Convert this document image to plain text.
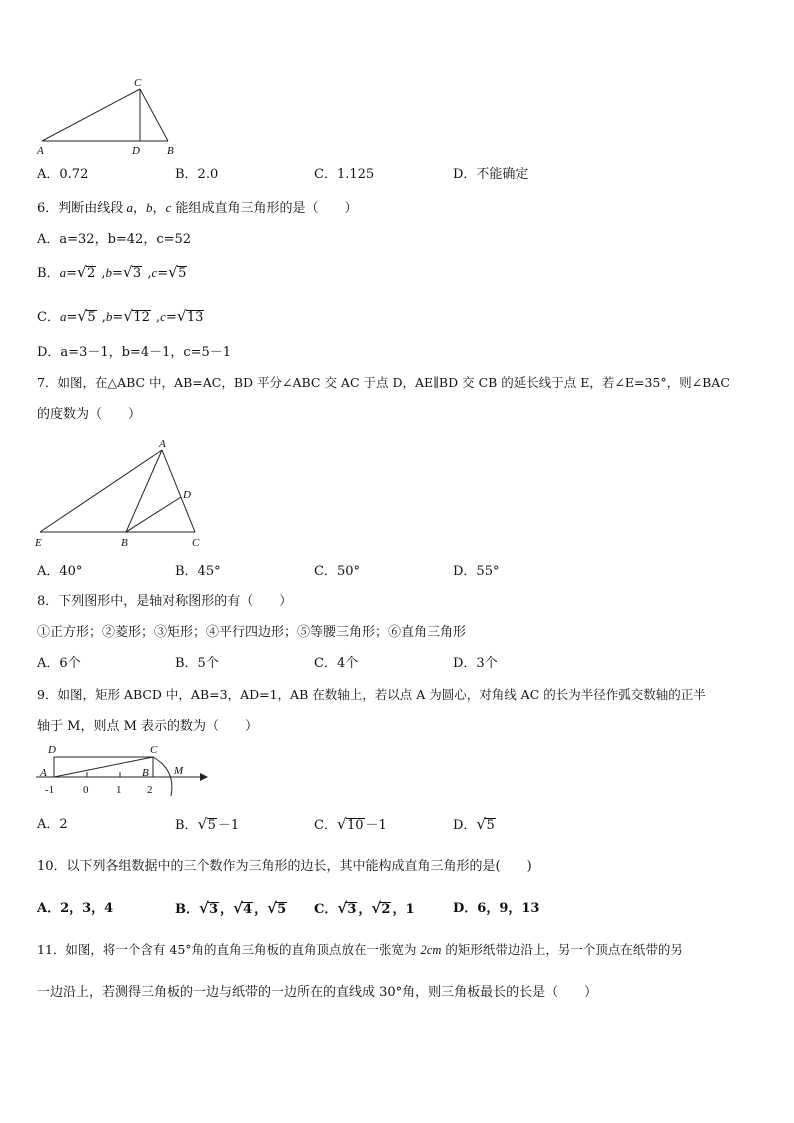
C
A	D B
A．0.72	B．2.0	C．1.125	D．不能确定
6．判断由线段 a，b，c 能组成直角三角形的是（　　）
A．a=32，b=42，c=52
B．a= √ 2 ,b= √ 3 ,c= √ 5
C．a= √ 5 ,b= √ 12 ,c= √ 13
D．a=3－1，b=4－1，c=5－1
7．如图，在△ABC 中，AB=AC，BD 平分∠ABC 交 AC 于点 D，AE∥BD 交 CB 的延长线于点 E，若∠E=35°，则∠BAC
的度数为（　　）
A
D
E	B	C
A．40°	B．45°	C．50°	D．55°
8．下列图形中，是轴对称图形的有（　　）
①正方形；②菱形；③矩形；④平行四边形；⑤等腰三角形；⑥直角三角形
A．6个	B．5个	C．4个	D．3个
9．如图，矩形 ABCD 中，AB=3，AD=1，AB 在数轴上，若以点 A 为圆心，对角线 AC 的长为半径作弧交数轴的正半
轴于 M，则点 M 表示的数为（　　）
D	C
A	B M
-1	0	1 2
A．2	B． √ 5 －1	C． √ 10 －1	D． √ 5
10．以下列各组数据中的三个数作为三角形的边长，其中能构成直角三角形的是(　　)
A．2，3，4	B． √ 3 ， √ 4 ， √ 5 C． √ 3 ， √ 2 ，1	D．6，9，13
11．如图，将一个含有 45°角的直角三角板的直角顶点放在一张宽为 2cm 的矩形纸带边沿上，另一个顶点在纸带的另
一边沿上，若测得三角板的一边与纸带的一边所在的直线成 30°角，则三角板最长的长是（　　）
